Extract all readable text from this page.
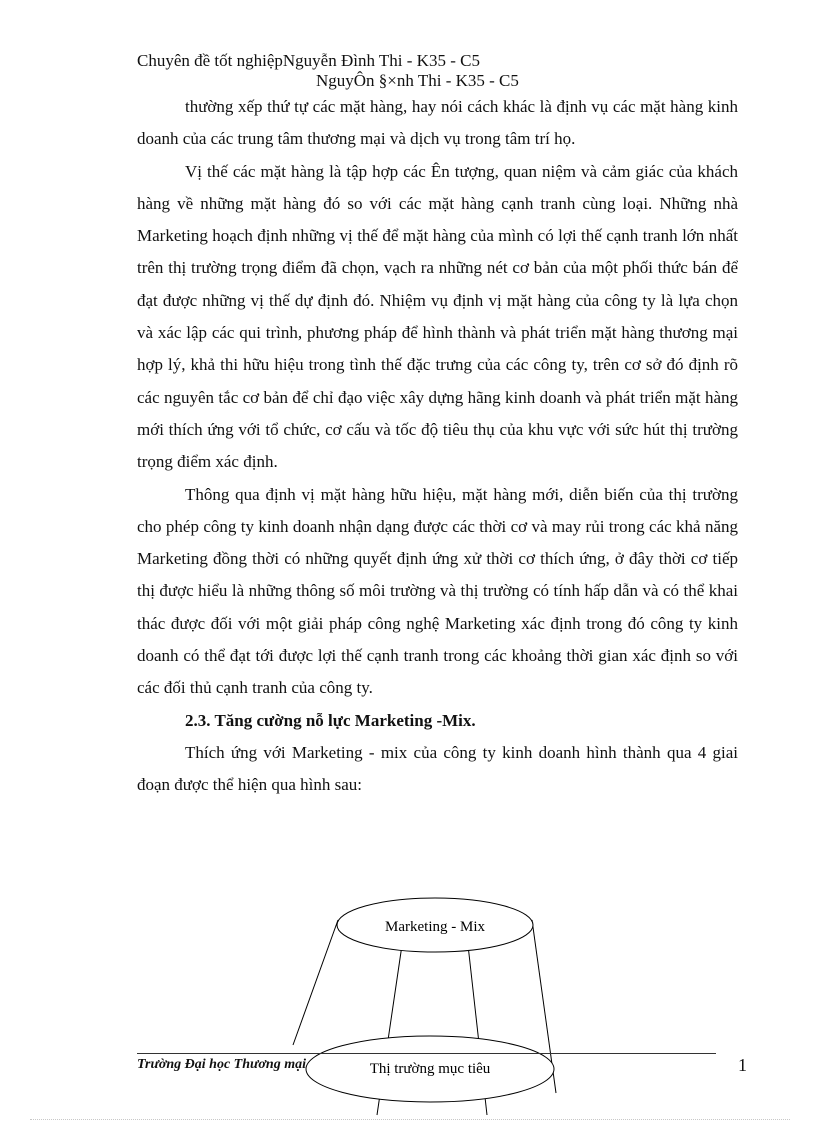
Chuyên đề tốt nghiệpNguyễn Đình Thi - K35 - C5
NguyÔn §×nh Thi - K35 - C5

thường xếp thứ tự các mặt hàng, hay nói cách khác là định vụ các mặt hàng kinh doanh của các trung tâm thương mại và dịch vụ trong tâm trí họ.

Vị thế các mặt hàng là tập hợp các Ên tượng, quan niệm và cảm giác của khách hàng về những mặt hàng đó so với các mặt hàng cạnh tranh cùng loại. Những nhà Marketing hoạch định những vị thế để mặt hàng của mình có lợi thế cạnh tranh lớn nhất trên thị trường trọng điểm đã chọn, vạch ra những nét cơ bản của một phối thức bán để đạt được những vị thế dự định đó. Nhiệm vụ định vị mặt hàng của công ty là lựa chọn và xác lập các qui trình, phương pháp để hình thành và phát triển mặt hàng thương mại hợp lý, khả thi hữu hiệu trong tình thế đặc trưng của các công ty, trên cơ sở đó định rõ các nguyên tắc cơ bản để chỉ đạo việc xây dựng hãng kinh doanh và phát triển mặt hàng mới thích ứng với tổ chức, cơ cấu và tốc độ tiêu thụ của khu vực với sức hút thị trường trọng điểm xác định.

Thông qua định vị mặt hàng hữu hiệu, mặt hàng mới, diễn biến của thị trường cho phép công ty kinh doanh nhận dạng được các thời cơ và may rủi trong các khả năng Marketing đồng thời có những quyết định ứng xử thời cơ thích ứng, ở đây thời cơ tiếp thị được hiểu là những thông số môi trường và thị trường có tính hấp dẫn và có thể khai thác được đối với một giải pháp công nghệ Marketing xác định trong đó công ty kinh doanh có thể đạt tới được lợi thế cạnh tranh trong các khoảng thời gian xác định so với các đối thủ cạnh tranh của công ty.

2.3. Tăng cường nỗ lực Marketing -Mix.

Thích ứng với Marketing - mix của công ty kinh doanh hình thành qua 4 giai đoạn được thể hiện qua hình sau:

Marketing - Mix
Thị trường mục tiêu
Trường Đại học Thương mại	1
